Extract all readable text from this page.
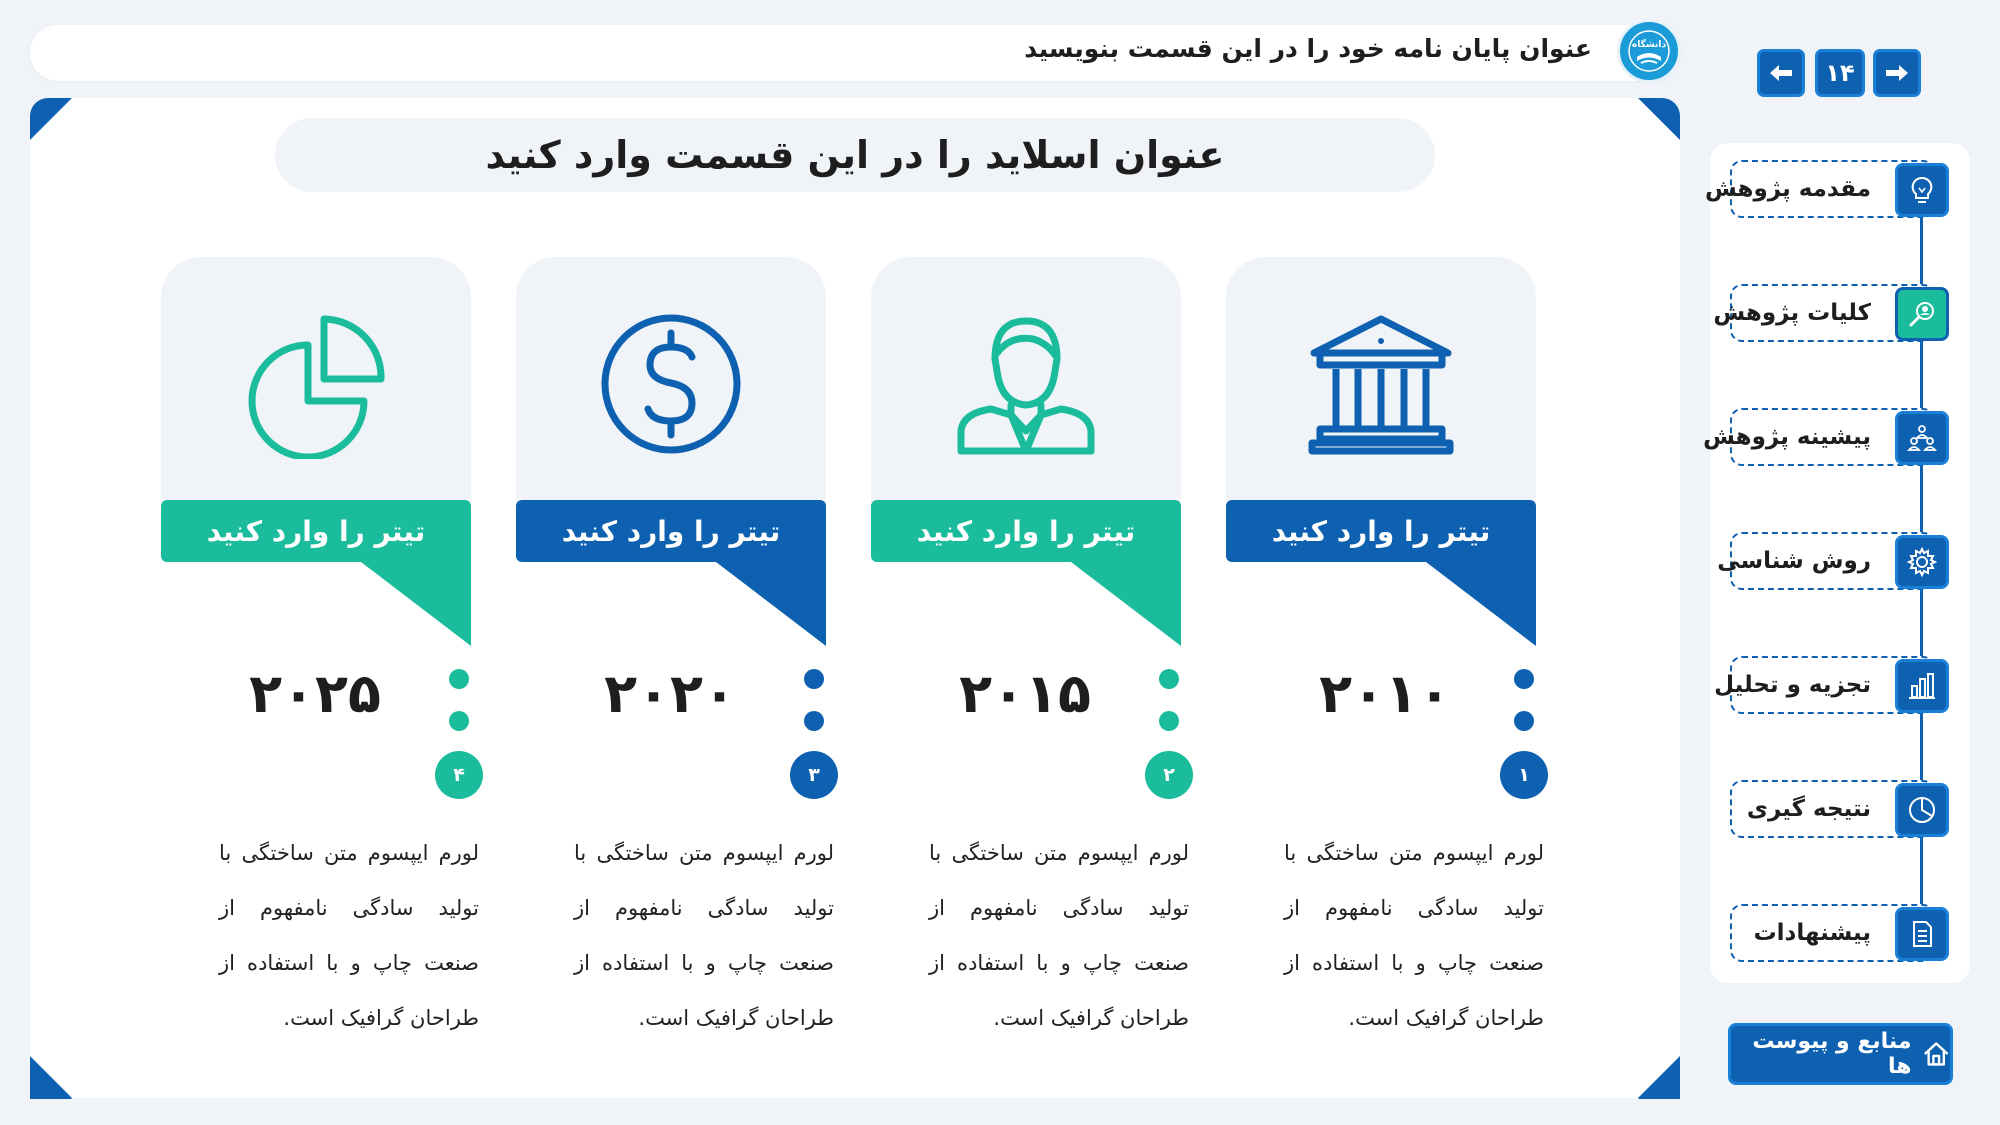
عنوان پایان نامه خود را در این قسمت بنویسید	دانشگاه
۱۴
عنوان اسلاید را در این قسمت وارد کنید
تیتر را وارد کنید
۲۰۱۰
۱
لورم ایپسوم متن ساختگی با تولید سادگی نامفهوم از صنعت چاپ و با استفاده از طراحان گرافیک است.
تیتر را وارد کنید
۲۰۱۵
۲
لورم ایپسوم متن ساختگی با تولید سادگی نامفهوم از صنعت چاپ و با استفاده از طراحان گرافیک است.
تیتر را وارد کنید
۲۰۲۰
۳
لورم ایپسوم متن ساختگی با تولید سادگی نامفهوم از صنعت چاپ و با استفاده از طراحان گرافیک است.
تیتر را وارد کنید
۲۰۲۵
۴
لورم ایپسوم متن ساختگی با تولید سادگی نامفهوم از صنعت چاپ و با استفاده از طراحان گرافیک است.
مقدمه پژوهش
کلیات پژوهش
پیشینه پژوهش
روش شناسی
تجزیه و تحلیل
نتیجه گیری
پیشنهادات
منابع و پیوست ها
